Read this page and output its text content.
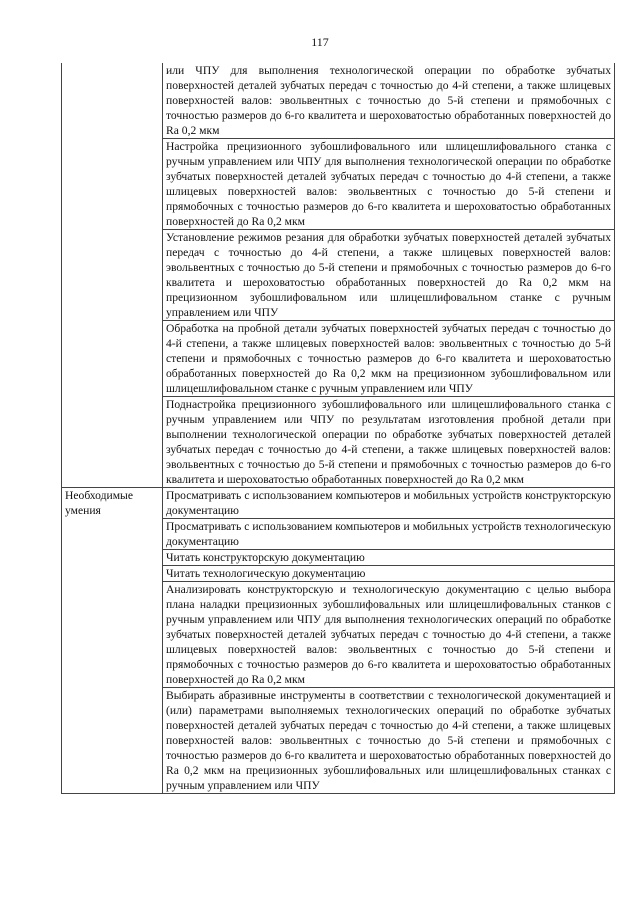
117
	или ЧПУ для выполнения технологической операции по обработке зубчатых поверхностей деталей зубчатых передач с точностью до 4-й степени, а также шлицевых поверхностей валов: эвольвентных с точностью до 5-й степени и прямобочных с точностью размеров до 6-го квалитета и шероховатостью обработанных поверхностей до Ra 0,2 мкм
	Настройка прецизионного зубошлифовального или шлицешлифовального станка с ручным управлением или ЧПУ для выполнения технологической операции по обработке зубчатых поверхностей деталей зубчатых передач с точностью до 4-й степени, а также шлицевых поверхностей валов: эвольвентных с точностью до 5-й степени и прямобочных с точностью размеров до 6-го квалитета и шероховатостью обработанных поверхностей до Ra 0,2 мкм
	Установление режимов резания для обработки зубчатых поверхностей деталей зубчатых передач с точностью до 4-й степени, а также шлицевых поверхностей валов: эвольвентных с точностью до 5-й степени и прямобочных с точностью размеров до 6-го квалитета и шероховатостью обработанных поверхностей до Ra 0,2 мкм на прецизионном зубошлифовальном или шлицешлифовальном станке с ручным управлением или ЧПУ
	Обработка на пробной детали зубчатых поверхностей зубчатых передач с точностью до 4-й степени, а также шлицевых поверхностей валов: эвольвентных с точностью до 5-й степени и прямобочных с точностью размеров до 6-го квалитета и шероховатостью обработанных поверхностей до Ra 0,2 мкм на прецизионном зубошлифовальном или шлицешлифовальном станке с ручным управлением или ЧПУ
	Поднастройка прецизионного зубошлифовального или шлицешлифовального станка с ручным управлением или ЧПУ по результатам изготовления пробной детали при выполнении технологической операции по обработке зубчатых поверхностей деталей зубчатых передач с точностью до 4-й степени, а также шлицевых поверхностей валов: эвольвентных с точностью до 5-й степени и прямобочных с точностью размеров до 6-го квалитета и шероховатостью обработанных поверхностей до Ra 0,2 мкм
Необходимые умения	Просматривать с использованием компьютеров и мобильных устройств конструкторскую документацию
	Просматривать с использованием компьютеров и мобильных устройств технологическую документацию
	Читать конструкторскую документацию
	Читать технологическую документацию
	Анализировать конструкторскую и технологическую документацию с целью выбора плана наладки прецизионных зубошлифовальных или шлицешлифовальных станков с ручным управлением или ЧПУ для выполнения технологических операций по обработке зубчатых поверхностей деталей зубчатых передач с точностью до 4-й степени, а также шлицевых поверхностей валов: эвольвентных с точностью до 5-й степени и прямобочных с точностью размеров до 6-го квалитета и шероховатостью обработанных поверхностей до Ra 0,2 мкм
	Выбирать абразивные инструменты в соответствии с технологической документацией и (или) параметрами выполняемых технологических операций по обработке зубчатых поверхностей деталей зубчатых передач с точностью до 4-й степени, а также шлицевых поверхностей валов: эвольвентных с точностью до 5-й степени и прямобочных с точностью размеров до 6-го квалитета и шероховатостью обработанных поверхностей до Ra 0,2 мкм на прецизионных зубошлифовальных или шлицешлифовальных станках с ручным управлением или ЧПУ
